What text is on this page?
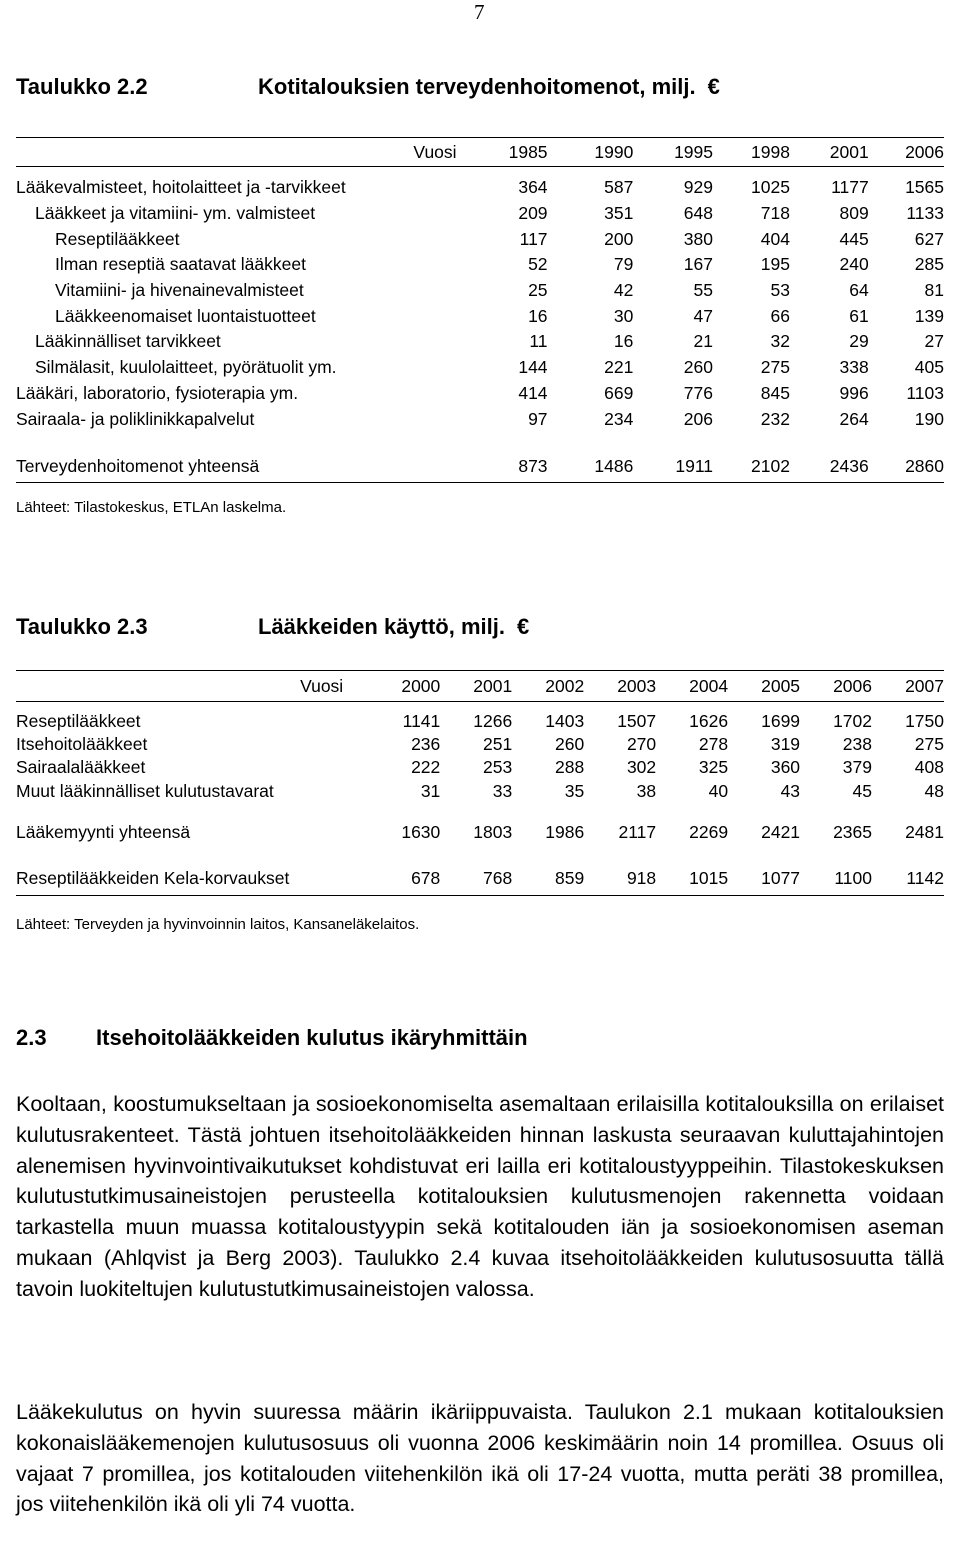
7
Taulukko 2.2	Kotitalouksien terveydenhoitomenot, milj. €
Vuosi	1985	1990	1995	1998	2001	2006

Lääkevalmisteet, hoitolaitteet ja -tarvikkeet	364	587	929	1025	1177	1565
Lääkkeet ja vitamiini- ym. valmisteet	209	351	648	718	809	1133
Reseptilääkkeet	117	200	380	404	445	627
Ilman reseptiä saatavat lääkkeet	52	79	167	195	240	285
Vitamiini- ja hivenainevalmisteet	25	42	55	53	64	81
Lääkkeenomaiset luontaistuotteet	16	30	47	66	61	139
Lääkinnälliset tarvikkeet	11	16	21	32	29	27
Silmälasit, kuulolaitteet, pyörätuolit ym.	144	221	260	275	338	405
Lääkäri, laboratorio, fysioterapia ym.	414	669	776	845	996	1103
Sairaala- ja poliklinikkapalvelut	97	234	206	232	264	190

Terveydenhoitomenot yhteensä	873	1486	1911	2102	2436	2860
Lähteet: Tilastokeskus, ETLAn laskelma.
Taulukko 2.3	Lääkkeiden käyttö, milj. €
Vuosi	2000	2001	2002	2003	2004	2005	2006	2007

Reseptilääkkeet	1141	1266	1403	1507	1626	1699	1702	1750
Itsehoitolääkkeet	236	251	260	270	278	319	238	275
Sairaalalääkkeet	222	253	288	302	325	360	379	408
Muut lääkinnälliset kulutustavarat	31	33	35	38	40	43	45	48

Lääkemyynti yhteensä	1630	1803	1986	2117	2269	2421	2365	2481

Reseptilääkkeiden Kela-korvaukset	678	768	859	918	1015	1077	1100	1142
Lähteet: Terveyden ja hyvinvoinnin laitos, Kansaneläkelaitos.
2.3 Itsehoitolääkkeiden kulutus ikäryhmittäin

Kooltaan, koostumukseltaan ja sosioekonomiselta asemaltaan erilaisilla kotitalouksilla on erilaiset kulutusrakenteet. Tästä johtuen itsehoitolääkkeiden hinnan laskusta seuraavan kuluttajahintojen alenemisen hyvinvointivaikutukset kohdistuvat eri lailla eri kotitaloustyyppeihin. Tilastokeskuksen kulutustutkimusaineistojen perusteella kotitalouksien kulutusmenojen rakennetta voidaan tarkastella muun muassa kotitaloustyypin sekä kotitalouden iän ja sosioekonomisen aseman mukaan (Ahlqvist ja Berg 2003). Taulukko 2.4 kuvaa itsehoitolääkkeiden kulutusosuutta tällä tavoin luokiteltujen kulutustutkimusaineistojen valossa.

Lääkekulutus on hyvin suuressa määrin ikäriippuvaista. Taulukon 2.1 mukaan kotitalouksien kokonaislääkemenojen kulutusosuus oli vuonna 2006 keskimäärin noin 14 promillea. Osuus oli vajaat 7 promillea, jos kotitalouden viitehenkilön ikä oli 17-24 vuotta, mutta peräti 38 promillea, jos viitehenkilön ikä oli yli 74 vuotta.
